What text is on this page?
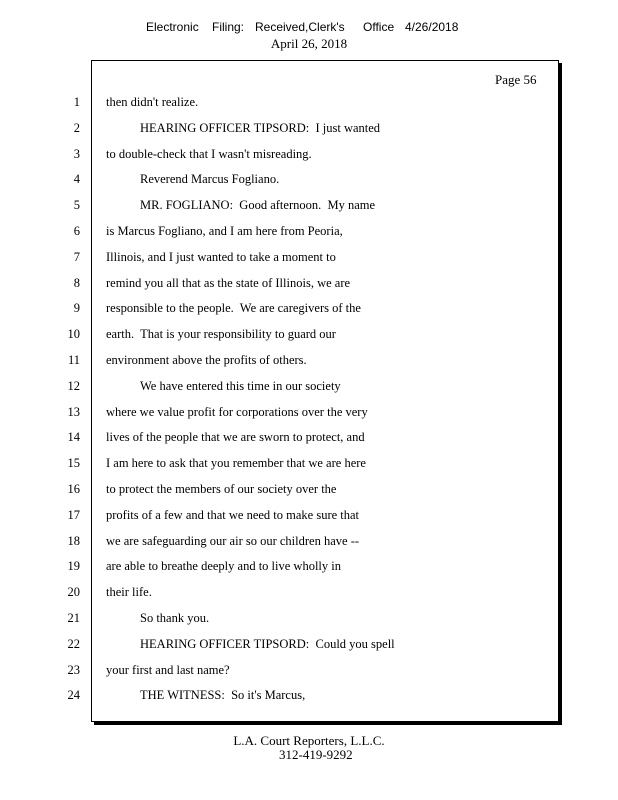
Electronic Filing: Received,Clerk's Office 4/26/2018
April 26, 2018
Page 56
1 then didn't realize.
2	HEARING OFFICER TIPSORD:  I just wanted
3 to double-check that I wasn't misreading.
4	Reverend Marcus Fogliano.
5	MR. FOGLIANO:  Good afternoon.  My name
6 is Marcus Fogliano, and I am here from Peoria,
7 Illinois, and I just wanted to take a moment to
8 remind you all that as the state of Illinois, we are
9 responsible to the people.  We are caregivers of the
10 earth.  That is your responsibility to guard our
11 environment above the profits of others.
12	We have entered this time in our society
13 where we value profit for corporations over the very
14 lives of the people that we are sworn to protect, and
15 I am here to ask that you remember that we are here
16 to protect the members of our society over the
17 profits of a few and that we need to make sure that
18 we are safeguarding our air so our children have --
19 are able to breathe deeply and to live wholly in
20 their life.
21	So thank you.
22	HEARING OFFICER TIPSORD:  Could you spell
23 your first and last name?
24	THE WITNESS:  So it's Marcus,
L.A. Court Reporters, L.L.C.
312-419-9292
